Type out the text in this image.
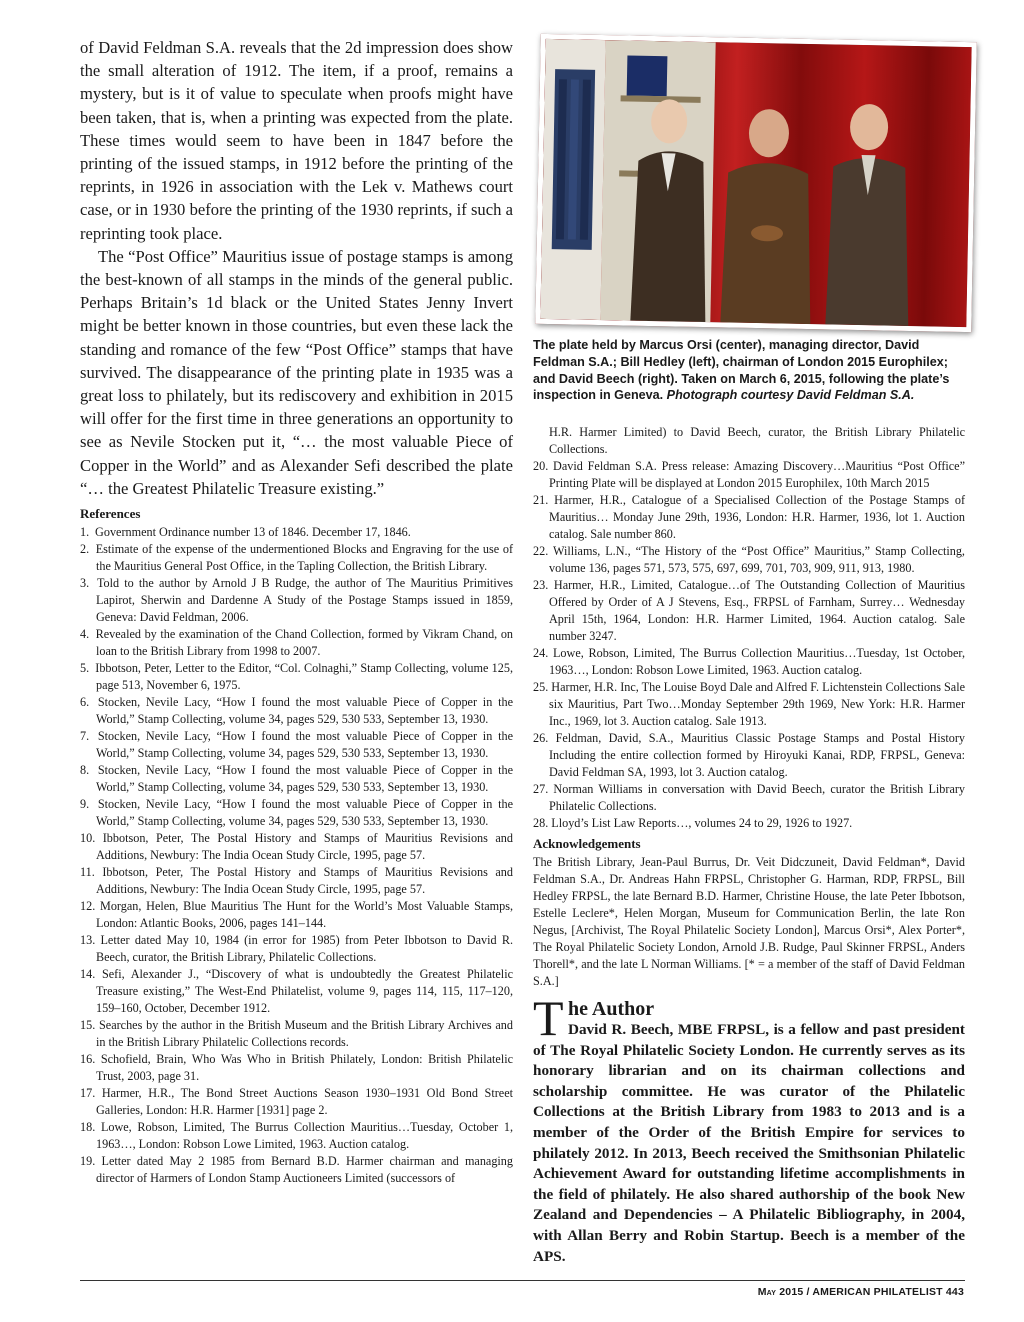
of David Feldman S.A. reveals that the 2d impression does show the small alteration of 1912. The item, if a proof, remains a mystery, but is it of value to speculate when proofs might have been taken, that is, when a printing was expected from the plate. These times would seem to have been in 1847 before the printing of the issued stamps, in 1912 before the printing of the reprints, in 1926 in association with the Lek v. Mathews court case, or in 1930 before the printing of the 1930 reprints, if such a reprinting took place.

The “Post Office” Mauritius issue of postage stamps is among the best-known of all stamps in the minds of the general public. Perhaps Britain’s 1d black or the United States Jenny Invert might be better known in those countries, but even these lack the standing and romance of the few “Post Office” stamps that have survived. The disappearance of the printing plate in 1935 was a great loss to philately, but its rediscovery and exhibition in 2015 will offer for the first time in three generations an opportunity to see as Nevile Stocken put it, “… the most valuable Piece of Copper in the World” and as Alexander Sefi described the plate “… the Greatest Philatelic Treasure existing.”

References
1. Government Ordinance number 13 of 1846. December 17, 1846.
2. Estimate of the expense of the undermentioned Blocks and Engraving for the use of the Mauritius General Post Office, in the Tapling Collection, the British Library.
3. Told to the author by Arnold J B Rudge, the author of The Mauritius Primitives Lapirot, Sherwin and Dardenne A Study of the Postage Stamps issued in 1859, Geneva: David Feldman, 2006.
4. Revealed by the examination of the Chand Collection, formed by Vikram Chand, on loan to the British Library from 1998 to 2007.
5. Ibbotson, Peter, Letter to the Editor, “Col. Colnaghi,” Stamp Collecting, volume 125, page 513, November 6, 1975.
6. Stocken, Nevile Lacy, “How I found the most valuable Piece of Copper in the World,” Stamp Collecting, volume 34, pages 529, 530 533, September 13, 1930.
7. Stocken, Nevile Lacy, “How I found the most valuable Piece of Copper in the World,” Stamp Collecting, volume 34, pages 529, 530 533, September 13, 1930.
8. Stocken, Nevile Lacy, “How I found the most valuable Piece of Copper in the World,” Stamp Collecting, volume 34, pages 529, 530 533, September 13, 1930.
9. Stocken, Nevile Lacy, “How I found the most valuable Piece of Copper in the World,” Stamp Collecting, volume 34, pages 529, 530 533, September 13, 1930.
10. Ibbotson, Peter, The Postal History and Stamps of Mauritius Revisions and Additions, Newbury: The India Ocean Study Circle, 1995, page 57.
11. Ibbotson, Peter, The Postal History and Stamps of Mauritius Revisions and Additions, Newbury: The India Ocean Study Circle, 1995, page 57.
12. Morgan, Helen, Blue Mauritius The Hunt for the World’s Most Valuable Stamps, London: Atlantic Books, 2006, pages 141–144.
13. Letter dated May 10, 1984 (in error for 1985) from Peter Ibbotson to David R. Beech, curator, the British Library, Philatelic Collections.
14. Sefi, Alexander J., “Discovery of what is undoubtedly the Greatest Philatelic Treasure existing,” The West-End Philatelist, volume 9, pages 114, 115, 117–120, 159–160, October, December 1912.
15. Searches by the author in the British Museum and the British Library Archives and in the British Library Philatelic Collections records.
16. Schofield, Brain, Who Was Who in British Philately, London: British Philatelic Trust, 2003, page 31.
17. Harmer, H.R., The Bond Street Auctions Season 1930–1931 Old Bond Street Galleries, London: H.R. Harmer [1931] page 2.
18. Lowe, Robson, Limited, The Burrus Collection Mauritius…Tuesday, October 1, 1963…, London: Robson Lowe Limited, 1963. Auction catalog.
19. Letter dated May 2 1985 from Bernard B.D. Harmer chairman and managing director of Harmers of London Stamp Auctioneers Limited (successors of

The plate held by Marcus Orsi (center), managing director, David Feldman S.A.; Bill Hedley (left), chairman of London 2015 Europhilex; and David Beech (right). Taken on March 6, 2015, following the plate’s inspection in Geneva. Photograph courtesy David Feldman S.A.

H.R. Harmer Limited) to David Beech, curator, the British Library Philatelic Collections.
20. David Feldman S.A. Press release: Amazing Discovery…Mauritius “Post Office” Printing Plate will be displayed at London 2015 Europhilex, 10th March 2015
21. Harmer, H.R., Catalogue of a Specialised Collection of the Postage Stamps of Mauritius… Monday June 29th, 1936, London: H.R. Harmer, 1936, lot 1. Auction catalog. Sale number 860.
22. Williams, L.N., “The History of the “Post Office” Mauritius,” Stamp Collecting, volume 136, pages 571, 573, 575, 697, 699, 701, 703, 909, 911, 913, 1980.
23. Harmer, H.R., Limited, Catalogue…of The Outstanding Collection of Mauritius Offered by Order of A J Stevens, Esq., FRPSL of Farnham, Surrey… Wednesday April 15th, 1964, London: H.R. Harmer Limited, 1964. Auction catalog. Sale number 3247.
24. Lowe, Robson, Limited, The Burrus Collection Mauritius…Tuesday, 1st October, 1963…, London: Robson Lowe Limited, 1963. Auction catalog.
25. Harmer, H.R. Inc, The Louise Boyd Dale and Alfred F. Lichtenstein Collections Sale six Mauritius, Part Two…Monday September 29th 1969, New York: H.R. Harmer Inc., 1969, lot 3. Auction catalog. Sale 1913.
26. Feldman, David, S.A., Mauritius Classic Postage Stamps and Postal History Including the entire collection formed by Hiroyuki Kanai, RDP, FRPSL, Geneva: David Feldman SA, 1993, lot 3. Auction catalog.
27. Norman Williams in conversation with David Beech, curator the British Library Philatelic Collections.
28. Lloyd’s List Law Reports…, volumes 24 to 29, 1926 to 1927.
Acknowledgements

The British Library, Jean-Paul Burrus, Dr. Veit Didczuneit, David Feldman*, David Feldman S.A., Dr. Andreas Hahn FRPSL, Christopher G. Harman, RDP, FRPSL, Bill Hedley FRPSL, the late Bernard B.D. Harmer, Christine House, the late Peter Ibbotson, Estelle Leclere*, Helen Morgan, Museum for Communication Berlin, the late Ron Negus, [Archivist, The Royal Philatelic Society London], Marcus Orsi*, Alex Porter*, The Royal Philatelic Society London, Arnold J.B. Rudge, Paul Skinner FRPSL, Anders Thorell*, and the late L Norman Williams. [* = a member of the staff of David Feldman S.A.]

T he Author

David R. Beech, MBE FRPSL, is a fellow and past president of The Royal Philatelic Society London. He currently serves as its honorary librarian and on its chairman collections and scholarship committee. He was curator of the Philatelic Collections at the British Library from 1983 to 2013 and is a member of the Order of the British Empire for services to philately 2012. In 2013, Beech received the Smithsonian Philatelic Achievement Award for outstanding lifetime accomplishments in the field of philately. He also shared authorship of the book New Zealand and Dependencies – A Philatelic Bibliography, in 2004, with Allan Berry and Robin Startup. Beech is a member of the APS.

May 2015 / AMERICAN PHILATELIST 443
